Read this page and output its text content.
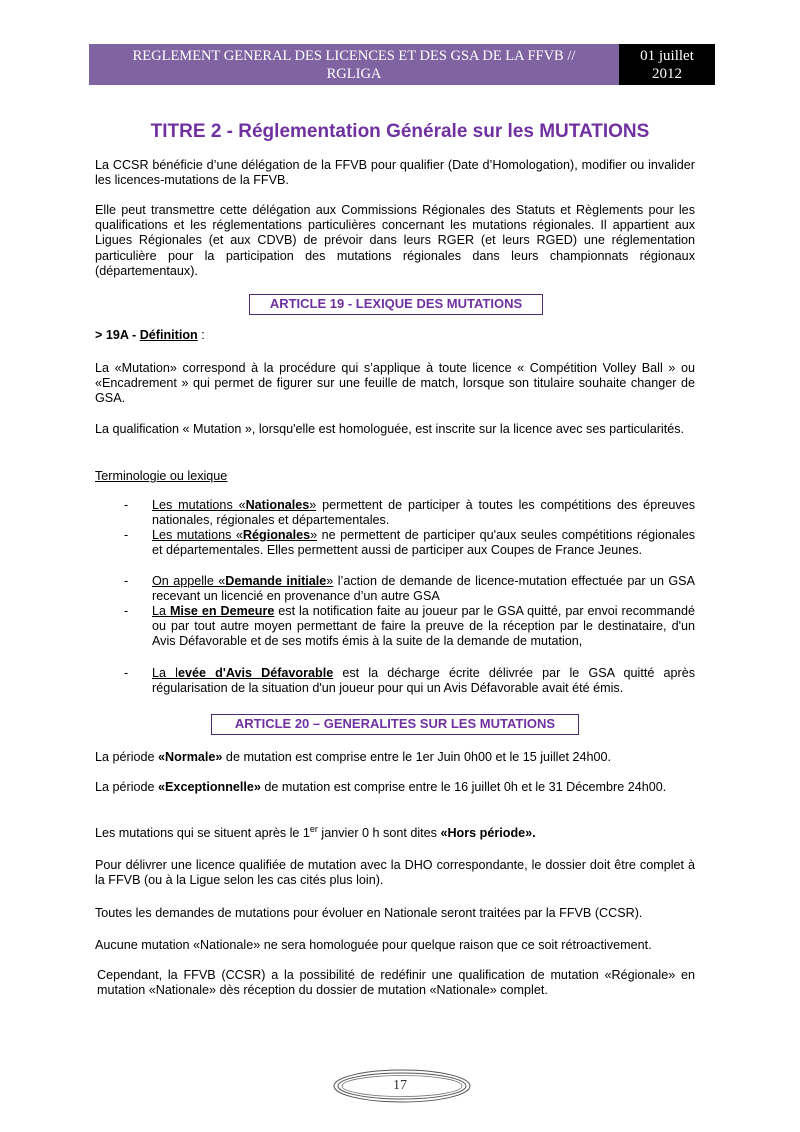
REGLEMENT GENERAL DES LICENCES ET DES GSA DE LA FFVB //
RGLIGA
01 juillet
2012
TITRE 2 - Réglementation Générale sur les MUTATIONS
La CCSR bénéficie d’une délégation de la FFVB pour qualifier (Date d’Homologation), modifier ou invalider les licences-mutations de la FFVB.
Elle peut transmettre cette délégation aux Commissions Régionales des Statuts et Règlements pour les qualifications et les réglementations particulières concernant les mutations régionales. Il appartient aux Ligues Régionales (et aux CDVB) de prévoir dans leurs RGER (et leurs RGED) une réglementation particulière pour la participation des mutations régionales dans leurs championnats régionaux (départementaux).
ARTICLE 19 - LEXIQUE DES MUTATIONS
> 19A - Définition :
La «Mutation» correspond à la procédure qui s’applique à toute licence « Compétition Volley Ball » ou «Encadrement » qui permet de figurer sur une feuille de match, lorsque son titulaire souhaite changer de GSA.
La qualification « Mutation », lorsqu'elle est homologuée, est inscrite sur la licence avec ses particularités.
Terminologie ou lexique
- Les mutations «Nationales» permettent de participer à toutes les compétitions des épreuves nationales, régionales et départementales.
- Les mutations «Régionales» ne permettent de participer qu'aux seules compétitions régionales et départementales. Elles permettent aussi de participer aux Coupes de France Jeunes.
- On appelle «Demande initiale» l’action de demande de licence-mutation effectuée par un GSA recevant un licencié en provenance d’un autre GSA
- La Mise en Demeure est la notification faite au joueur par le GSA quitté, par envoi recommandé ou par tout autre moyen permettant de faire la preuve de la réception par le destinataire, d'un Avis Défavorable et de ses motifs émis à la suite de la demande de mutation,
- La levée d'Avis Défavorable est la décharge écrite délivrée par le GSA quitté après régularisation de la situation d'un joueur pour qui un Avis Défavorable avait été émis.
ARTICLE 20 – GENERALITES SUR LES MUTATIONS
La période «Normale» de mutation est comprise entre le 1er Juin 0h00 et le 15 juillet 24h00.
La période «Exceptionnelle» de mutation est comprise entre le 16 juillet 0h et le 31 Décembre 24h00.
Les mutations qui se situent après le 1er janvier 0 h sont dites «Hors période».
Pour délivrer une licence qualifiée de mutation avec la DHO correspondante, le dossier doit être complet à la FFVB (ou à la Ligue selon les cas cités plus loin).
Toutes les demandes de mutations pour évoluer en Nationale seront traitées par la FFVB (CCSR).
Aucune mutation «Nationale» ne sera homologuée pour quelque raison que ce soit rétroactivement.
Cependant, la FFVB (CCSR) a la possibilité de redéfinir une qualification de mutation «Régionale» en mutation «Nationale» dès réception du dossier de mutation «Nationale» complet.
17
